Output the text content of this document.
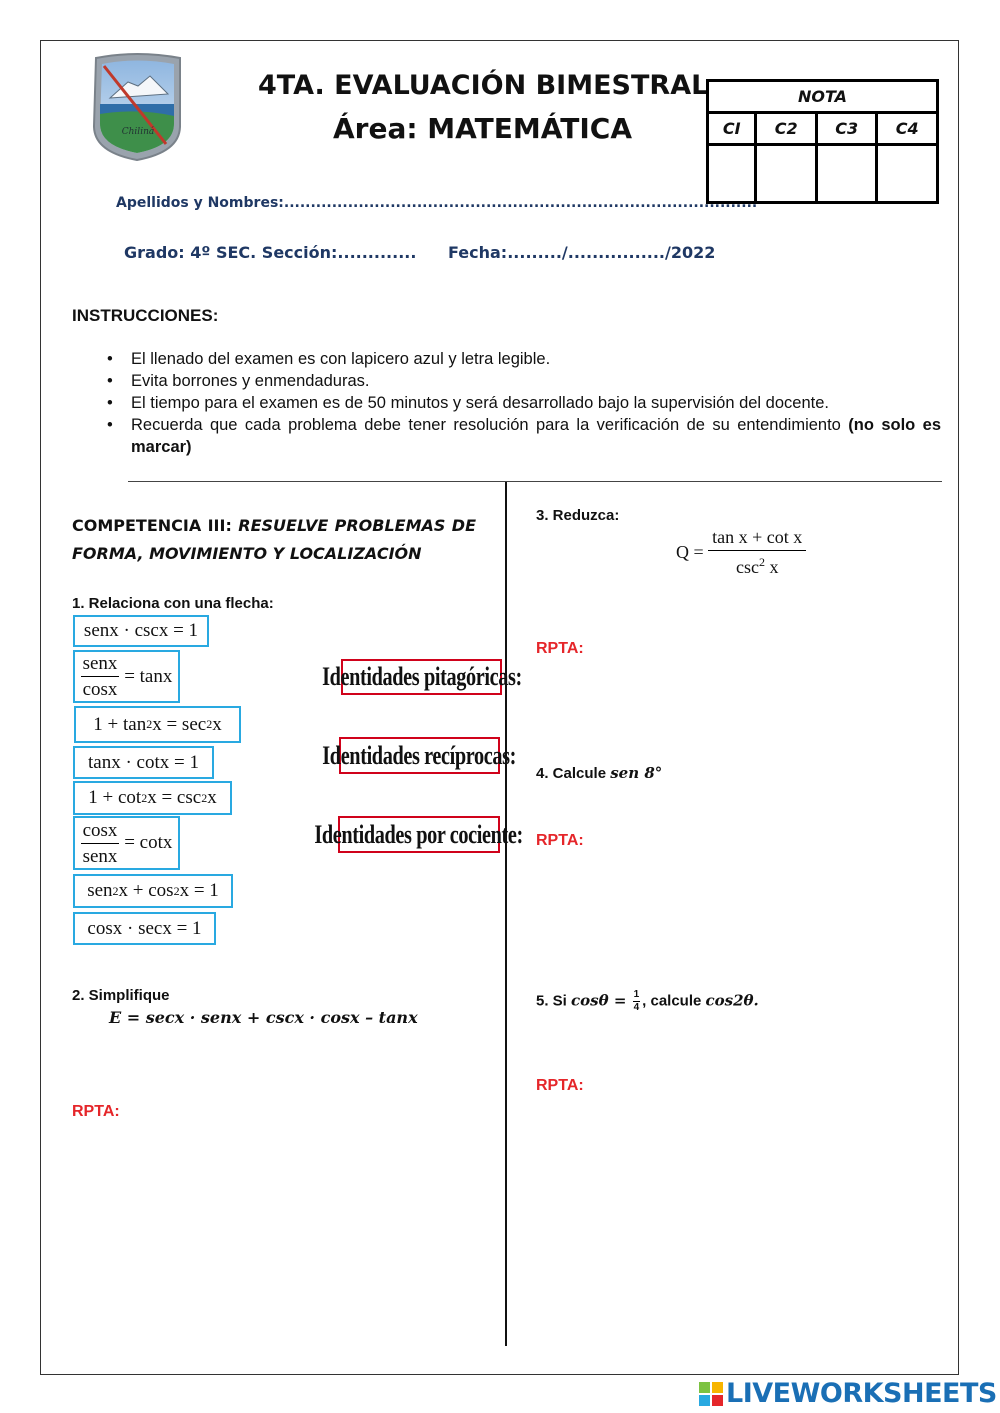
Chiliná
4TA. EVALUACIÓN BIMESTRAL
Área: MATEMÁTICA
NOTA			
CI	C2	C3	C4

Apellidos y Nombres:.........................................................................................
Grado: 4º SEC. Sección:............. Fecha:........./................/2022
INSTRUCCIONES:
• El llenado del examen es con lapicero azul y letra legible.
• Evita borrones y enmendaduras.
• El tiempo para el examen es de 50 minutos y será desarrollado bajo la supervisión del docente.
• Recuerda que cada problema debe tener resolución para la verificación de su entendimiento (no solo es marcar)
COMPETENCIA III: RESUELVE PROBLEMAS DE FORMA, MOVIMIENTO Y LOCALIZACIÓN
1. Relaciona con una flecha:
senx · cscx = 1
$\frac{\text{senx}}{\cos x}$
= tanx
1 + tan 2 x = sec 2 x
tanx · cotx = 1
1 + cot 2 x = csc 2 x
$\frac{\cos x}{\text{senx}}$
= cotx
sen 2 x + cos 2 x = 1
cosx · secx = 1
Identidades pitagóricas:
Identidades recíprocas:
Identidades por cociente:
2. Simplifique
E = secx · senx + cscx · cosx – tanx
RPTA:
3. Reduzca:
Q =
$\frac{\text{tan x + cot x}}{\csc^2 x}$
RPTA:
4. Calcule sen 8°
RPTA:
5. Si $\cos\theta = \frac{1}{4}$ , calcule cos2θ.
RPTA:
LIVEWORKSHEETS
